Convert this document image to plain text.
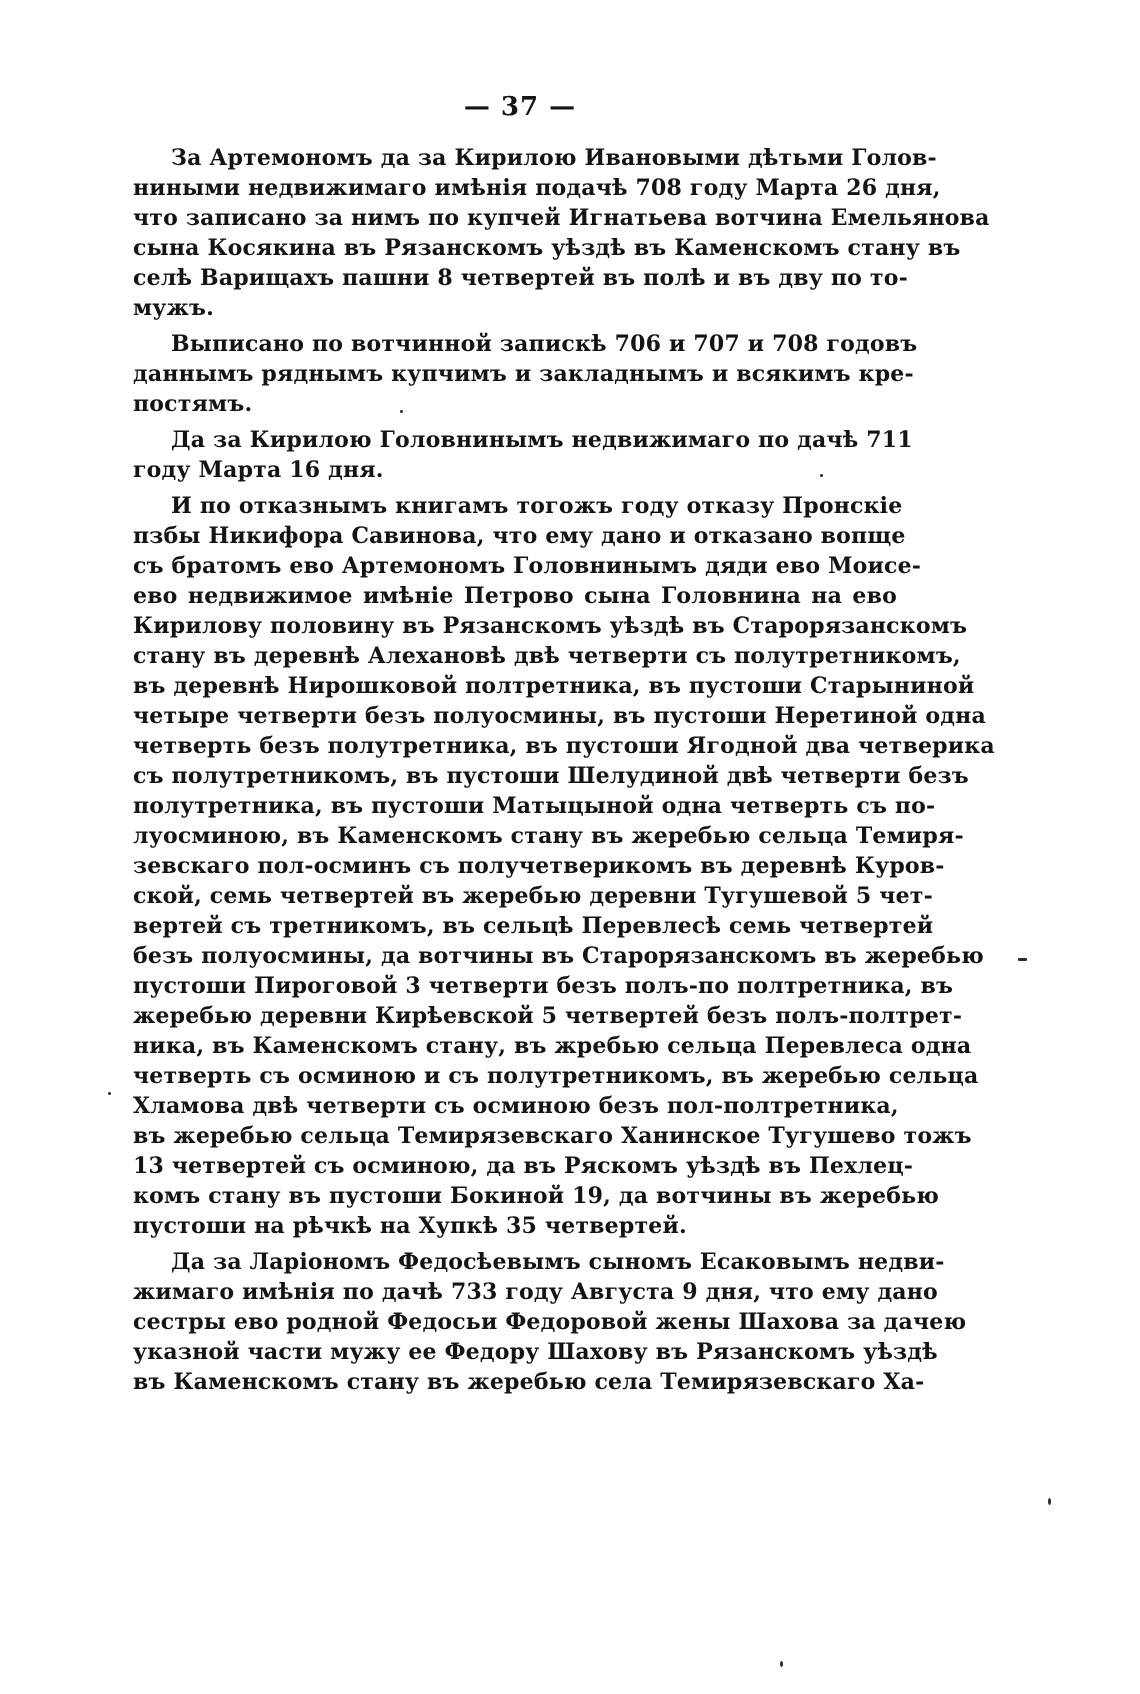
— 37 —
За Артемономъ да за Кирилою Ивановыми дѣтьми Голов-
ниными недвижимаго имѣнія подачѣ 708 году Марта 26 дня,
что записано за нимъ по купчей Игнатьева вотчина Емельянова
сына Косякина въ Рязанскомъ уѣздѣ въ Каменскомъ стану въ
селѣ Варищахъ пашни 8 четвертей въ полѣ и въ дву по то-
мужъ.
Выписано по вотчинной запискѣ 706 и 707 и 708 годовъ
даннымъ ряднымъ купчимъ и закладнымъ и всякимъ кре-
постямъ.
Да за Кирилою Головнинымъ недвижимаго по дачѣ 711
году Марта 16 дня.
И по отказнымъ книгамъ тогожъ году отказу Пронскіе
пзбы Никифора Савинова, что ему дано и отказано вопще
съ братомъ ево Артемономъ Головнинымъ дяди ево Моисе-
ево недвижимое имѣніе Петрово сына Головнина на ево
Кирилову половину въ Рязанскомъ уѣздѣ въ Старорязанскомъ
стану въ деревнѣ Алехановѣ двѣ четверти съ полутретникомъ,
въ деревнѣ Нирошковой полтретника, въ пустоши Старыниной
четыре четверти безъ полуосмины, въ пустоши Неретиной одна
четверть безъ полутретника, въ пустоши Ягодной два четверика
съ полутретникомъ, въ пустоши Шелудиной двѣ четверти безъ
полутретника, въ пустоши Матыцыной одна четверть съ по-
луосминою, въ Каменскомъ стану въ жеребью сельца Темиря-
зевскаго пол-осминъ съ получетверикомъ въ деревнѣ Куров-
ской, семь четвертей въ жеребью деревни Тугушевой 5 чет-
вертей съ третникомъ, въ сельцѣ Перевлесѣ семь четвертей
безъ полуосмины, да вотчины въ Старорязанскомъ въ жеребью
пустоши Пироговой 3 четверти безъ полъ-по полтретника, въ
жеребью деревни Кирѣевской 5 четвертей безъ полъ-полтрет-
ника, въ Каменскомъ стану, въ жребью сельца Перевлеса одна
четверть съ осминою и съ полутретникомъ, въ жеребью сельца
Хламова двѣ четверти съ осминою безъ пол-полтретника,
въ жеребью сельца Темирязевскаго Ханинское Тугушево тожъ
13 четвертей съ осминою, да въ Ряскомъ уѣздѣ въ Пехлец-
комъ стану въ пустоши Бокиной 19, да вотчины въ жеребью
пустоши на рѣчкѣ на Хупкѣ 35 четвертей.
Да за Ларіономъ Федосѣевымъ сыномъ Есаковымъ недви-
жимаго имѣнія по дачѣ 733 году Августа 9 дня, что ему дано
сестры ево родной Федосьи Федоровой жены Шахова за дачею
указной части мужу ее Федору Шахову въ Рязанскомъ уѣздѣ
въ Каменскомъ стану въ жеребью села Темирязевскаго Ха-
